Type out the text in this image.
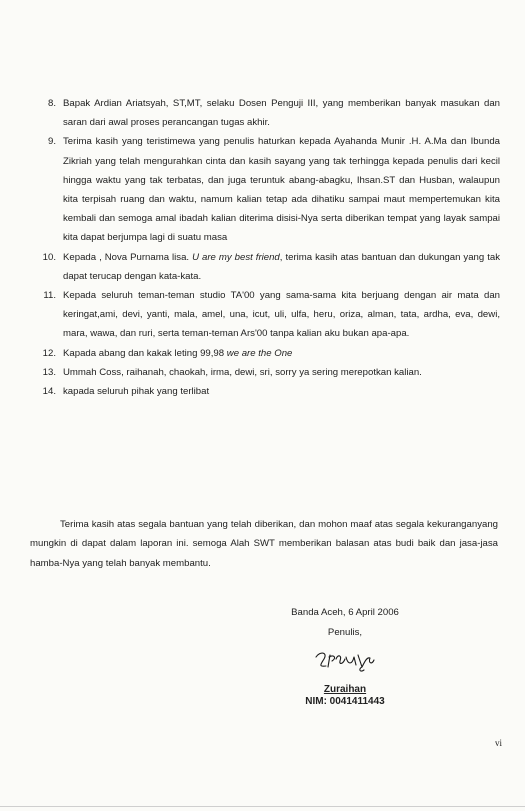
8. Bapak Ardian Ariatsyah, ST,MT, selaku Dosen Penguji III, yang memberikan banyak masukan dan saran dari awal proses perancangan tugas akhir.
9. Terima kasih yang teristimewa yang penulis haturkan kepada Ayahanda Munir .H. A.Ma dan Ibunda Zikriah yang telah mengurahkan cinta dan kasih sayang yang tak terhingga kepada penulis dari kecil hingga waktu yang tak terbatas, dan juga teruntuk abang-abagku, Ihsan.ST dan Husban, walaupun kita terpisah ruang dan waktu, namum kalian tetap ada dihatiku sampai maut mempertemukan kita kembali dan semoga amal ibadah kalian diterima disisi-Nya serta diberikan tempat yang layak sampai kita dapat berjumpa lagi di suatu masa
10. Kepada , Nova Purnama lisa. U are my best friend, terima kasih atas bantuan dan dukungan yang tak dapat terucap dengan kata-kata.
11. Kepada seluruh teman-teman studio TA'00 yang sama-sama kita berjuang dengan air mata dan keringat,ami, devi, yanti, mala, amel, una, icut, uli, ulfa, heru, oriza, alman, tata, ardha, eva, dewi, mara, wawa, dan ruri, serta teman-teman Ars'00 tanpa kalian aku bukan apa-apa.
12. Kapada abang dan kakak leting 99,98 we are the One
13. Ummah Coss, raihanah, chaokah, irma, dewi, sri, sorry ya sering merepotkan kalian.
14. kapada seluruh pihak yang terlibat

Terima kasih atas segala bantuan yang telah diberikan, dan mohon maaf atas segala kekuranganyang mungkin di dapat dalam laporan ini. semoga Alah SWT memberikan balasan atas budi baik dan jasa-jasa hamba-Nya yang telah banyak membantu.

Banda Aceh, 6 April 2006
Penulis,
Zuraihan
NIM: 0041411443
vi
